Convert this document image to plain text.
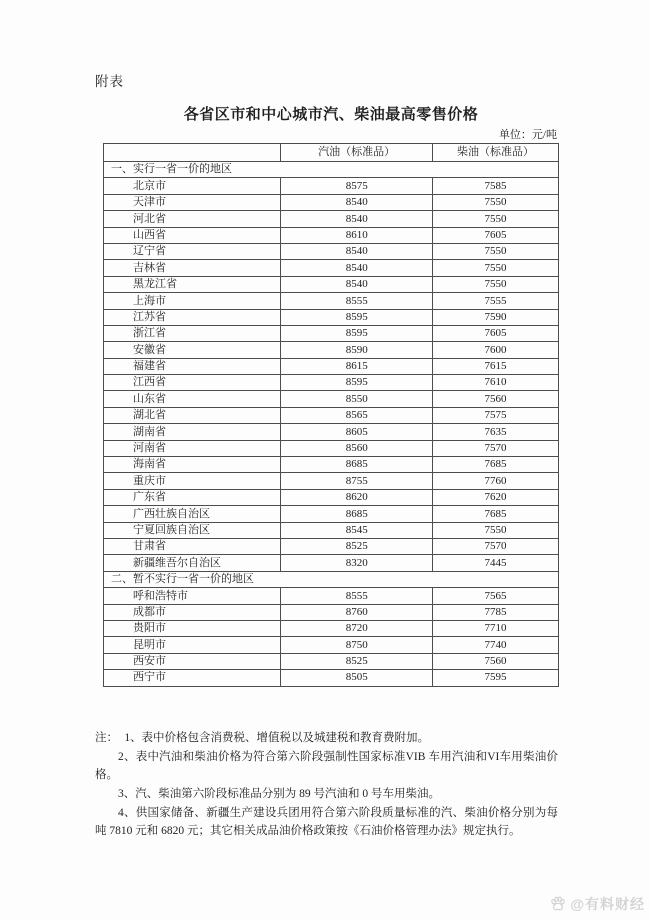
附表
各省区市和中心城市汽、柴油最高零售价格
单位：元/吨
	汽油（标准品）	柴油（标准品）
一、实行一省一价的地区		
北京市	8575	7585
天津市	8540	7550
河北省	8540	7550
山西省	8610	7605
辽宁省	8540	7550
吉林省	8540	7550
黑龙江省	8540	7550
上海市	8555	7555
江苏省	8595	7590
浙江省	8595	7605
安徽省	8590	7600
福建省	8615	7615
江西省	8595	7610
山东省	8550	7560
湖北省	8565	7575
湖南省	8605	7635
河南省	8560	7570
海南省	8685	7685
重庆市	8755	7760
广东省	8620	7620
广西壮族自治区	8685	7685
宁夏回族自治区	8545	7550
甘肃省	8525	7570
新疆维吾尔自治区	8320	7445
二、暂不实行一省一价的地区		
呼和浩特市	8555	7565
成都市	8760	7785
贵阳市	8720	7710
昆明市	8750	7740
西安市	8525	7560
西宁市	8505	7595

注： 1、表中价格包含消费税、增值税以及城建税和教育费附加。

2、表中汽油和柴油价格为符合第六阶段强制性国家标准VIB 车用汽油和VI车用柴油价格。

3、汽、柴油第六阶段标准品分别为 89 号汽油和 0 号车用柴油。

4、供国家储备、新疆生产建设兵团用符合第六阶段质量标准的汽、柴油价格分别为每吨 7810 元和 6820 元；其它相关成品油价格政策按《石油价格管理办法》规定执行。

@有料财经
